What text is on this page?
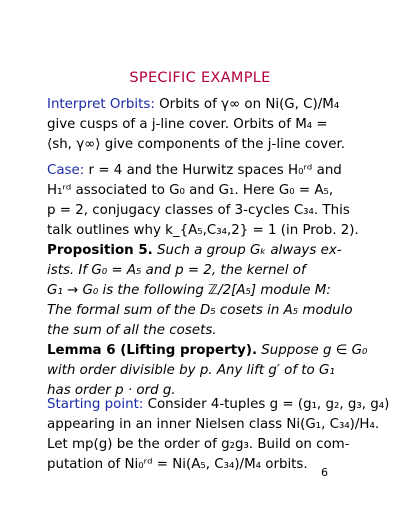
SPECIFIC EXAMPLE
Interpret Orbits: Orbits of γ∞ on Ni(G, C)/M₄
give cusps of a j-line cover. Orbits of M₄ =
⟨sh, γ∞⟩ give components of the j-line cover.
Case: r = 4 and the Hurwitz spaces H₀ʳᵈ and
H₁ʳᵈ associated to G₀ and G₁. Here G₀ = A₅,
p = 2, conjugacy classes of 3-cycles C₃₄. This
talk outlines why k_{A₅,C₃₄,2} = 1 (in Prob. 2).
Proposition 5. Such a group Gₖ always ex-
ists. If G₀ = A₅ and p = 2, the kernel of
G₁ → G₀ is the following ℤ/2[A₅] module M:
The formal sum of the D₅ cosets in A₅ modulo
the sum of all the cosets.
Lemma 6 (Lifting property). Suppose g ∈ G₀
with order divisible by p. Any lift g′ of to G₁
has order p · ord g.
Starting point: Consider 4-tuples g = (g₁, g₂, g₃, g₄)
appearing in an inner Nielsen class Ni(G₁, C₃₄)/H₄.
Let mp(g) be the order of g₂g₃. Build on com-
putation of Ni₀ʳᵈ = Ni(A₅, C₃₄)/M₄ orbits.
6
